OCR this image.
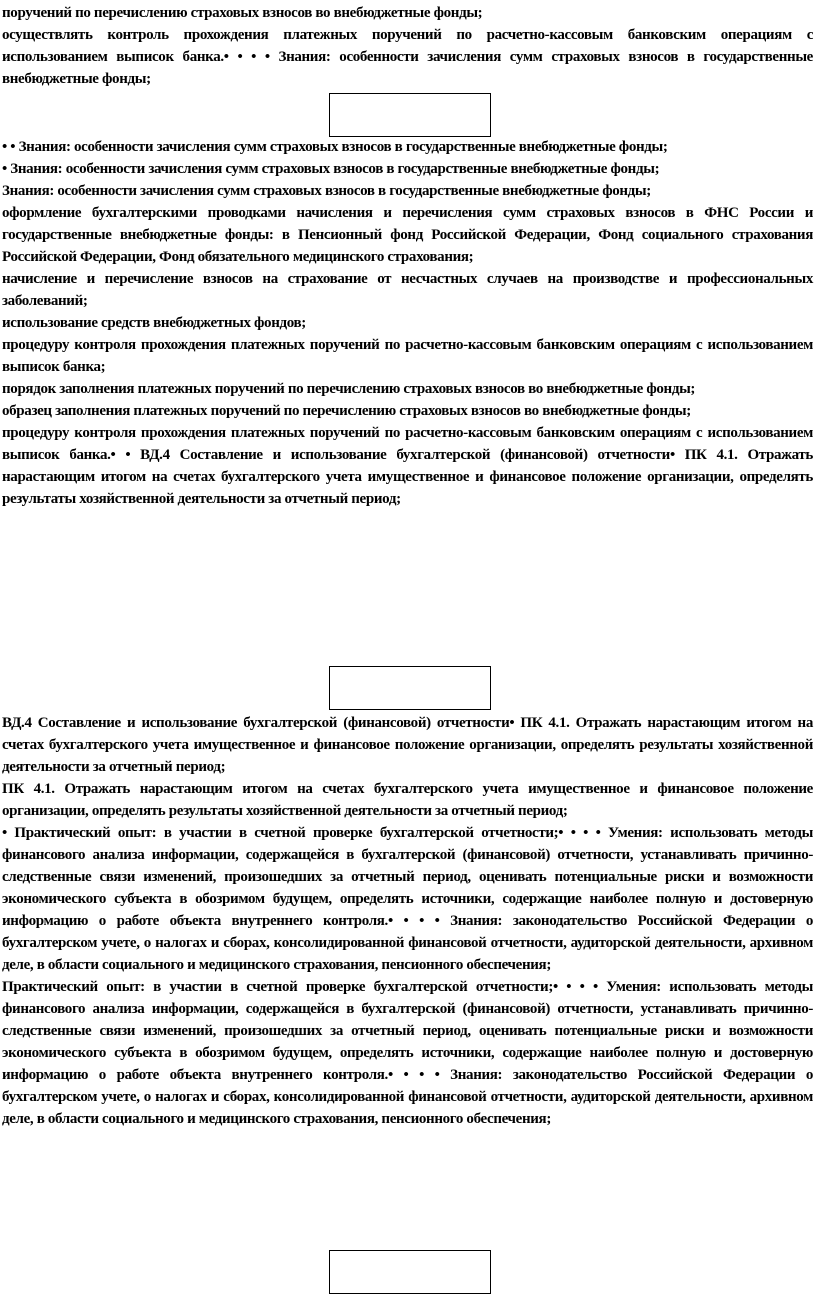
поручений по перечислению страховых взносов во внебюджетные фонды;

осуществлять контроль прохождения платежных поручений по расчетно-кассовым банковским операциям с использованием выписок банка.• • • • Знания: особенности зачисления сумм страховых взносов в государственные внебюджетные фонды;

• • Знания: особенности зачисления сумм страховых взносов в государственные внебюджетные фонды;

• Знания: особенности зачисления сумм страховых взносов в государственные внебюджетные фонды;

Знания: особенности зачисления сумм страховых взносов в государственные внебюджетные фонды;

оформление бухгалтерскими проводками начисления и перечисления сумм страховых взносов в ФНС России и государственные внебюджетные фонды: в Пенсионный фонд Российской Федерации, Фонд социального страхования Российской Федерации, Фонд обязательного медицинского страхования;

начисление и перечисление взносов на страхование от несчастных случаев на производстве и профессиональных заболеваний;

использование средств внебюджетных фондов;

процедуру контроля прохождения платежных поручений по расчетно-кассовым банковским операциям с использованием выписок банка;

порядок заполнения платежных поручений по перечислению страховых взносов во внебюджетные фонды;

образец заполнения платежных поручений по перечислению страховых взносов во внебюджетные фонды;

процедуру контроля прохождения платежных поручений по расчетно-кассовым банковским операциям с использованием выписок банка.• • ВД.4 Составление и использование бухгалтерской (финансовой) отчетности• ПК 4.1. Отражать нарастающим итогом на счетах бухгалтерского учета имущественное и финансовое положение организации, определять результаты хозяйственной деятельности за отчетный период;

ВД.4 Составление и использование бухгалтерской (финансовой) отчетности• ПК 4.1. Отражать нарастающим итогом на счетах бухгалтерского учета имущественное и финансовое положение организации, определять результаты хозяйственной деятельности за отчетный период;

ПК 4.1. Отражать нарастающим итогом на счетах бухгалтерского учета имущественное и финансовое положение организации, определять результаты хозяйственной деятельности за отчетный период;

• Практический опыт: в участии в счетной проверке бухгалтерской отчетности;• • • • Умения: использовать методы финансового анализа информации, содержащейся в бухгалтерской (финансовой) отчетности, устанавливать причинно-следственные связи изменений, произошедших за отчетный период, оценивать потенциальные риски и возможности экономического субъекта в обозримом будущем, определять источники, содержащие наиболее полную и достоверную информацию о работе объекта внутреннего контроля.• • • • Знания: законодательство Российской Федерации о бухгалтерском учете, о налогах и сборах, консолидированной финансовой отчетности, аудиторской деятельности, архивном деле, в области социального и медицинского страхования, пенсионного обеспечения;

Практический опыт: в участии в счетной проверке бухгалтерской отчетности;• • • • Умения: использовать методы финансового анализа информации, содержащейся в бухгалтерской (финансовой) отчетности, устанавливать причинно-следственные связи изменений, произошедших за отчетный период, оценивать потенциальные риски и возможности экономического субъекта в обозримом будущем, определять источники, содержащие наиболее полную и достоверную информацию о работе объекта внутреннего контроля.• • • • Знания: законодательство Российской Федерации о бухгалтерском учете, о налогах и сборах, консолидированной финансовой отчетности, аудиторской деятельности, архивном деле, в области социального и медицинского страхования, пенсионного обеспечения;
